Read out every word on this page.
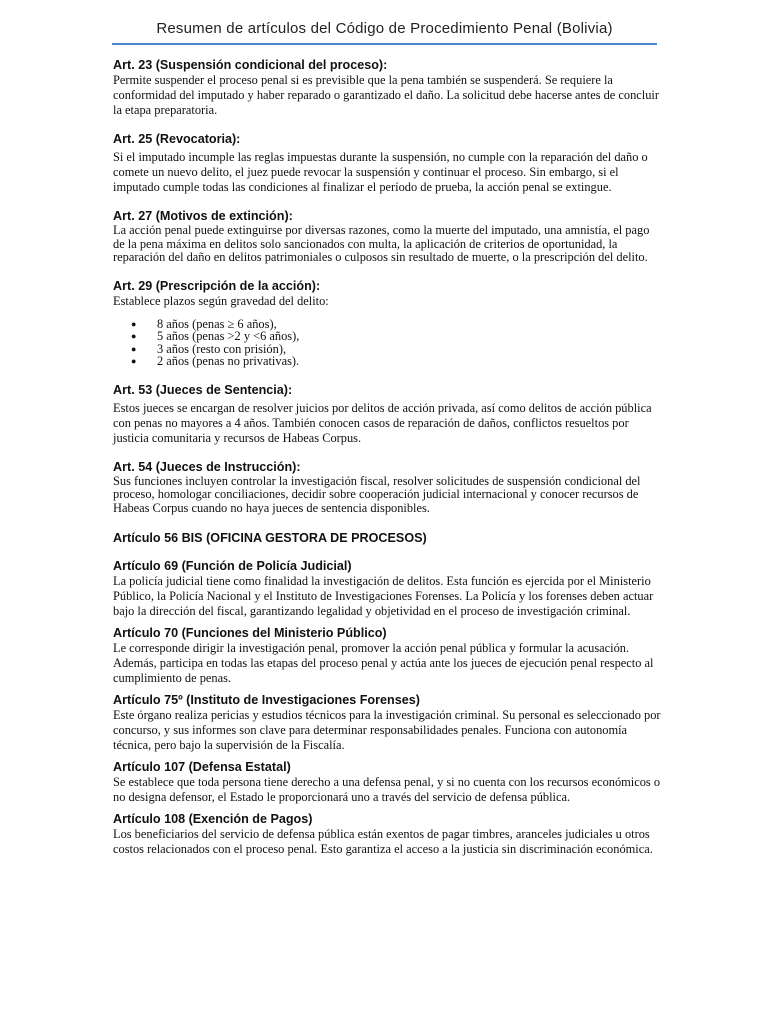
Resumen de artículos del Código de Procedimiento Penal (Bolivia)
Art. 23 (Suspensión condicional del proceso):

Permite suspender el proceso penal si es previsible que la pena también se suspenderá. Se requiere la conformidad del imputado y haber reparado o garantizado el daño. La solicitud debe hacerse antes de concluir la etapa preparatoria.

Art. 25 (Revocatoria):

Si el imputado incumple las reglas impuestas durante la suspensión, no cumple con la reparación del daño o comete un nuevo delito, el juez puede revocar la suspensión y continuar el proceso. Sin embargo, si el imputado cumple todas las condiciones al finalizar el período de prueba, la acción penal se extingue.

Art. 27 (Motivos de extinción):

La acción penal puede extinguirse por diversas razones, como la muerte del imputado, una amnistía, el pago de la pena máxima en delitos solo sancionados con multa, la aplicación de criterios de oportunidad, la reparación del daño en delitos patrimoniales o culposos sin resultado de muerte, o la prescripción del delito.

Art. 29 (Prescripción de la acción):

Establece plazos según gravedad del delito:

● 8 años (penas ≥ 6 años),
● 5 años (penas >2 y <6 años),
● 3 años (resto con prisión),
● 2 años (penas no privativas).
Art. 53 (Jueces de Sentencia):

Estos jueces se encargan de resolver juicios por delitos de acción privada, así como delitos de acción pública con penas no mayores a 4 años. También conocen casos de reparación de daños, conflictos resueltos por justicia comunitaria y recursos de Habeas Corpus.

Art. 54 (Jueces de Instrucción):

Sus funciones incluyen controlar la investigación fiscal, resolver solicitudes de suspensión condicional del proceso, homologar conciliaciones, decidir sobre cooperación judicial internacional y conocer recursos de Habeas Corpus cuando no haya jueces de sentencia disponibles.

Artículo 56 BIS (OFICINA GESTORA DE PROCESOS)
Artículo 69 (Función de Policía Judicial)

La policía judicial tiene como finalidad la investigación de delitos. Esta función es ejercida por el Ministerio Público, la Policía Nacional y el Instituto de Investigaciones Forenses. La Policía y los forenses deben actuar bajo la dirección del fiscal, garantizando legalidad y objetividad en el proceso de investigación criminal.

Artículo 70 (Funciones del Ministerio Público)

Le corresponde dirigir la investigación penal, promover la acción penal pública y formular la acusación. Además, participa en todas las etapas del proceso penal y actúa ante los jueces de ejecución penal respecto al cumplimiento de penas.

Artículo 75º (Instituto de Investigaciones Forenses)

Este órgano realiza pericias y estudios técnicos para la investigación criminal. Su personal es seleccionado por concurso, y sus informes son clave para determinar responsabilidades penales. Funciona con autonomía técnica, pero bajo la supervisión de la Fiscalía.

Artículo 107 (Defensa Estatal)

Se establece que toda persona tiene derecho a una defensa penal, y si no cuenta con los recursos económicos o no designa defensor, el Estado le proporcionará uno a través del servicio de defensa pública.

Artículo 108 (Exención de Pagos)

Los beneficiarios del servicio de defensa pública están exentos de pagar timbres, aranceles judiciales u otros costos relacionados con el proceso penal. Esto garantiza el acceso a la justicia sin discriminación económica.
